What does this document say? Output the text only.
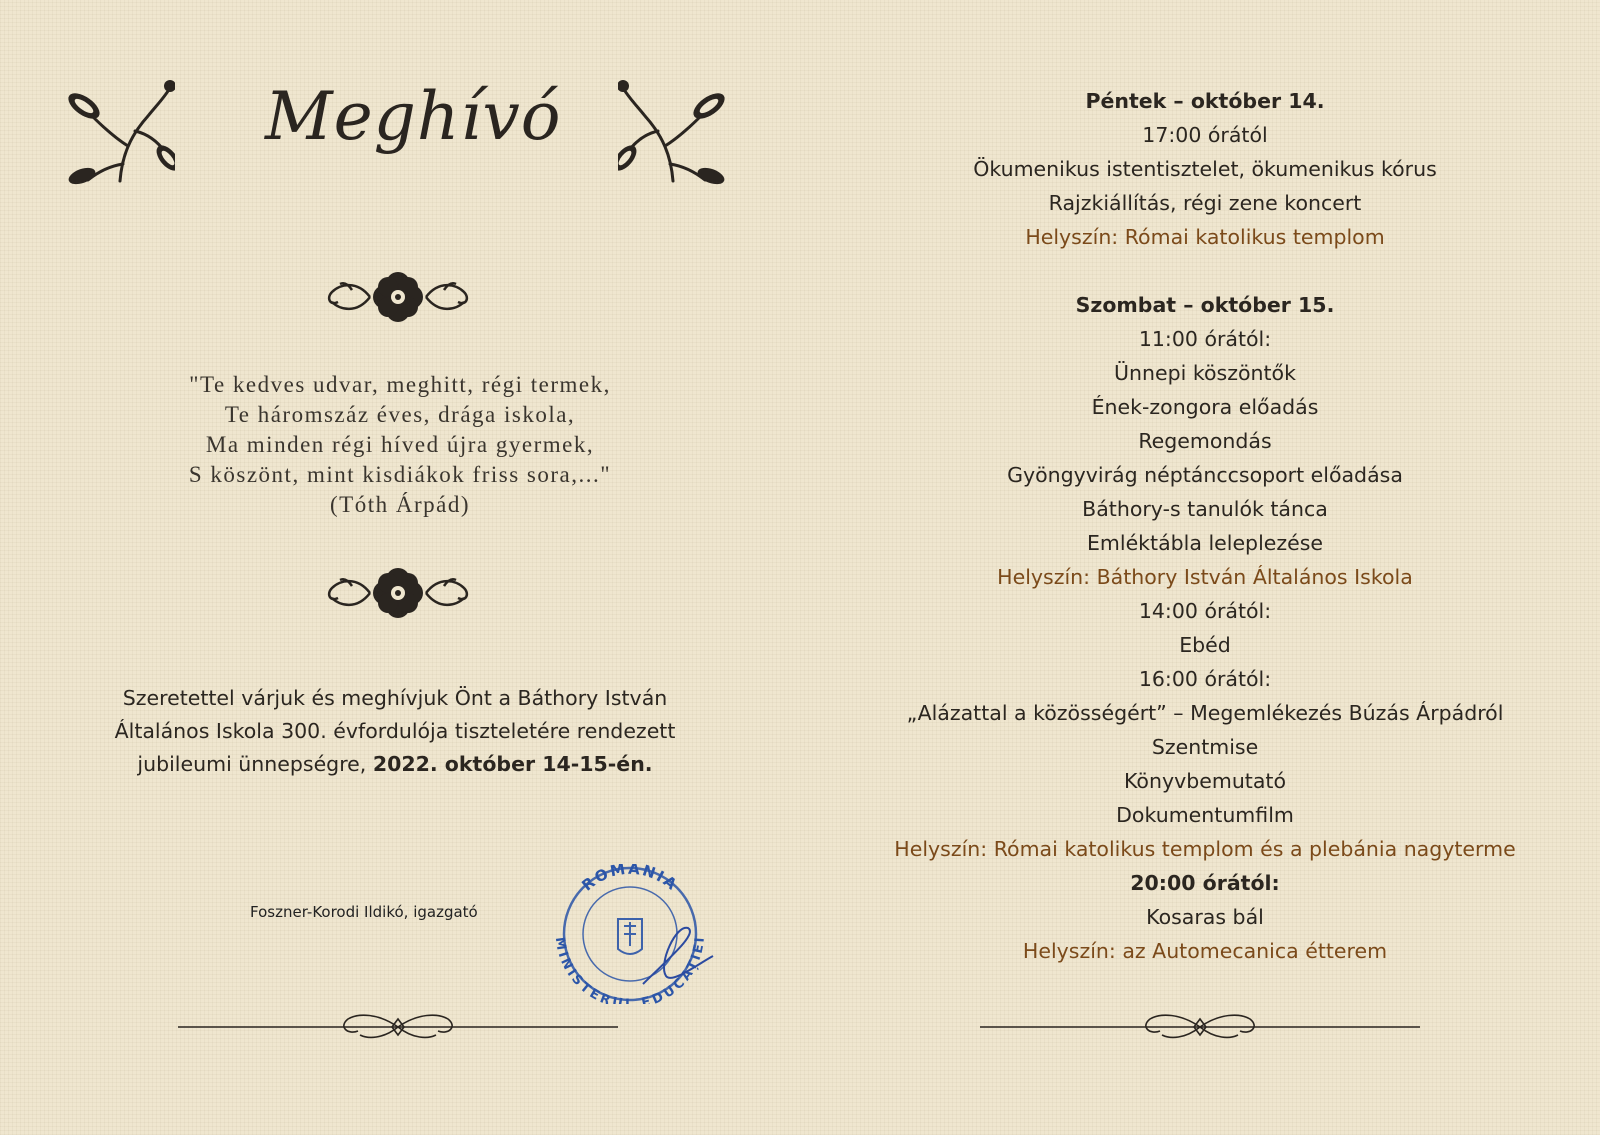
Meghívó
"Te kedves udvar, meghitt, régi termek,
Te háromszáz éves, drága iskola,
Ma minden régi híved újra gyermek,
S köszönt, mint kisdiákok friss sora,..."
(Tóth Árpád)
Szeretettel várjuk és meghívjuk Önt a Báthory István
Általános Iskola 300. évfordulója tiszteletére rendezett
jubileumi ünnepségre, 2022. október 14-15-én.
Foszner-Korodi Ildikó, igazgató
ROMÂNIA
MINISTERU EDUCAȚIEI
Péntek – október 14.
17:00 órától
Ökumenikus istentisztelet, ökumenikus kórus
Rajzkiállítás, régi zene koncert
Helyszín: Római katolikus templom
Szombat – október 15.
11:00 órától:
Ünnepi köszöntők
Ének-zongora előadás
Regemondás
Gyöngyvirág néptánccsoport előadása
Báthory-s tanulók tánca
Emléktábla leleplezése
Helyszín: Báthory István Általános Iskola
14:00 órától:
Ebéd
16:00 órától:
„Alázattal a közösségért” – Megemlékezés Búzás Árpádról
Szentmise
Könyvbemutató
Dokumentumfilm
Helyszín: Római katolikus templom és a plebánia nagyterme
20:00 órától:
Kosaras bál
Helyszín: az Automecanica étterem
